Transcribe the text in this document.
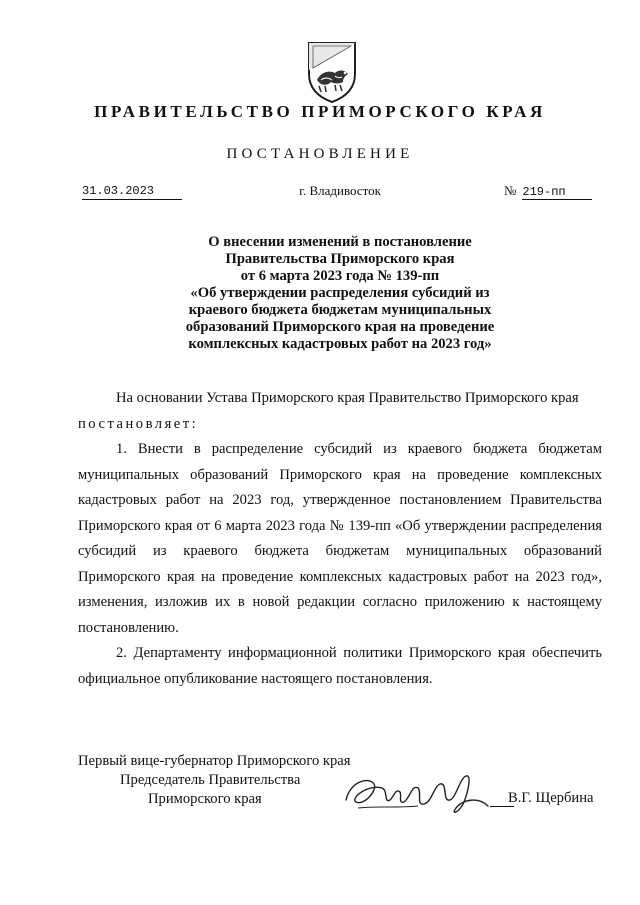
ПРАВИТЕЛЬСТВО ПРИМОРСКОГО КРАЯ
ПОСТАНОВЛЕНИЕ
31.03.2023	г. Владивосток	№ 219-пп
О внесении изменений в постановление
Правительства Приморского края
от 6 марта 2023 года № 139-пп
«Об утверждении распределения субсидий из
краевого бюджета бюджетам муниципальных
образований Приморского края на проведение
комплексных кадастровых работ на 2023 год»

На основании Устава Приморского края Правительство Приморского края

постановляет:

1. Внести в распределение субсидий из краевого бюджета бюджетам муниципальных образований Приморского края на проведение комплексных кадастровых работ на 2023 год, утвержденное постановлением Правительства Приморского края от 6 марта 2023 года № 139-пп «Об утверждении распределения субсидий из краевого бюджета бюджетам муниципальных образований Приморского края на проведение комплексных кадастровых работ на 2023 год», изменения, изложив их в новой редакции согласно приложению к настоящему постановлению.

2. Департаменту информационной политики Приморского края обеспечить официальное опубликование настоящего постановления.

Первый вице-губернатор Приморского края
Председатель Правительства
Приморского края	В.Г. Щербина
